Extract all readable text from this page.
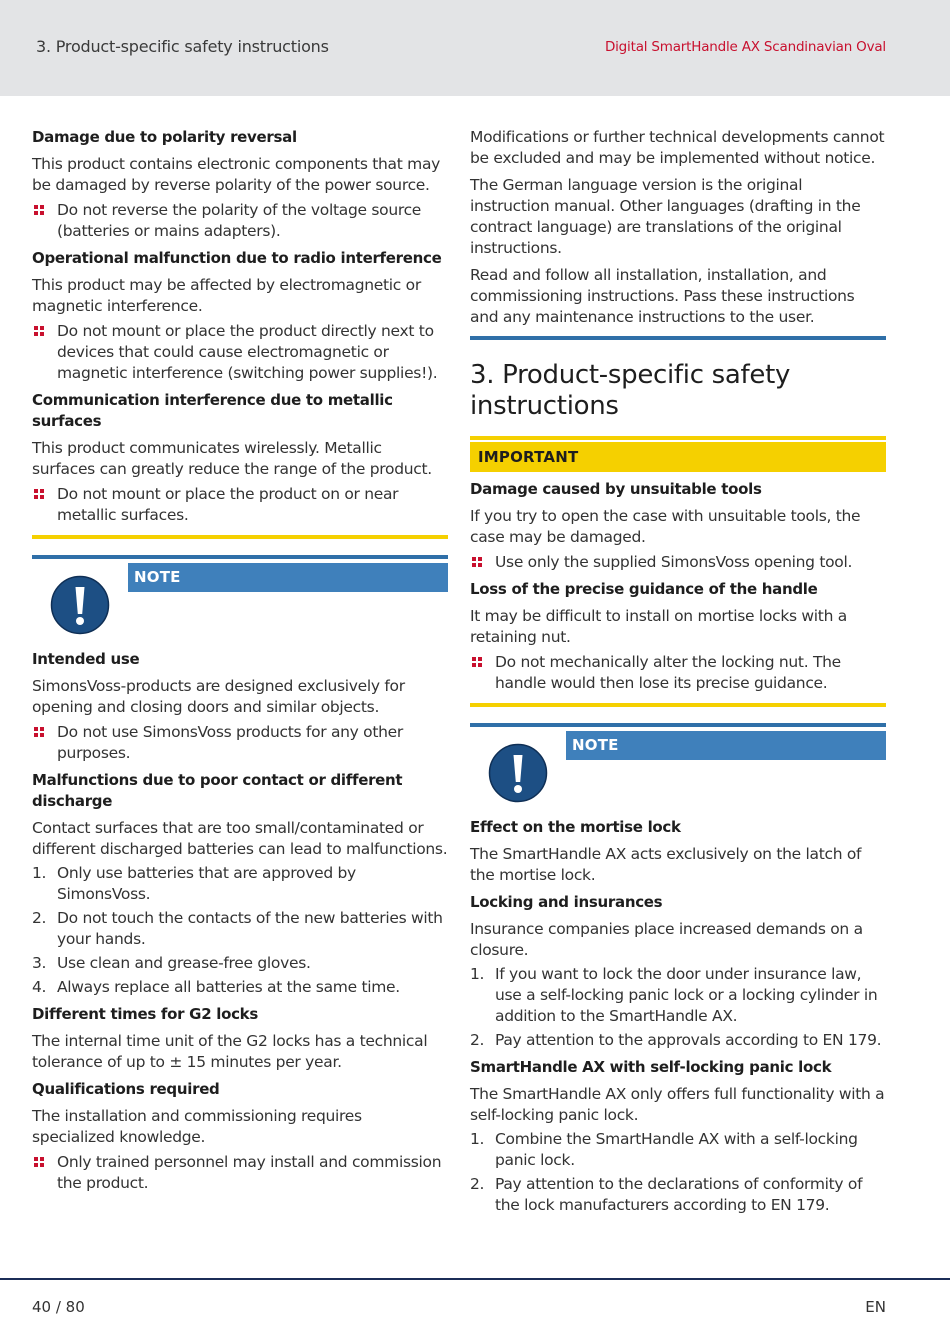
3. Product-specific safety instructions	Digital SmartHandle AX Scandinavian Oval
Damage due to polarity reversal
This product contains electronic components that may be damaged by reverse polarity of the power source.
Do not reverse the polarity of the voltage source (batteries or mains adapters).
Operational malfunction due to radio interference
This product may be affected by electromagnetic or magnetic interference.
Do not mount or place the product directly next to devices that could cause electromagnetic or magnetic interference (switching power supplies!).
Communication interference due to metallic surfaces
This product communicates wirelessly. Metallic surfaces can greatly reduce the range of the product.
Do not mount or place the product on or near metallic surfaces.
NOTE
Intended use
SimonsVoss-products are designed exclusively for opening and closing doors and similar objects.
Do not use SimonsVoss products for any other purposes.
Malfunctions due to poor contact or different discharge
Contact surfaces that are too small/contaminated or different discharged batteries can lead to malfunctions.
1. Only use batteries that are approved by SimonsVoss.
2. Do not touch the contacts of the new batteries with your hands.
3. Use clean and grease-free gloves.
4. Always replace all batteries at the same time.
Different times for G2 locks
The internal time unit of the G2 locks has a technical tolerance of up to ± 15 minutes per year.
Qualifications required
The installation and commissioning requires specialized knowledge.
Only trained personnel may install and commission the product.
Modifications or further technical developments cannot be excluded and may be implemented without notice.
The German language version is the original instruction manual. Other languages (drafting in the contract language) are translations of the original instructions.
Read and follow all installation, installation, and commissioning instructions. Pass these instructions and any maintenance instructions to the user.
3. Product-specific safety instructions
IMPORTANT
Damage caused by unsuitable tools
If you try to open the case with unsuitable tools, the case may be damaged.
Use only the supplied SimonsVoss opening tool.
Loss of the precise guidance of the handle
It may be difficult to install on mortise locks with a retaining nut.
Do not mechanically alter the locking nut. The handle would then lose its precise guidance.
NOTE
Effect on the mortise lock
The SmartHandle AX acts exclusively on the latch of the mortise lock.
Locking and insurances
Insurance companies place increased demands on a closure.
1. If you want to lock the door under insurance law, use a self-locking panic lock or a locking cylinder in addition to the SmartHandle AX.
2. Pay attention to the approvals according to EN 179.
SmartHandle AX with self-locking panic lock
The SmartHandle AX only offers full functionality with a self-locking panic lock.
1. Combine the SmartHandle AX with a self-locking panic lock.
2. Pay attention to the declarations of conformity of the lock manufacturers according to EN 179.
40 / 80	EN
